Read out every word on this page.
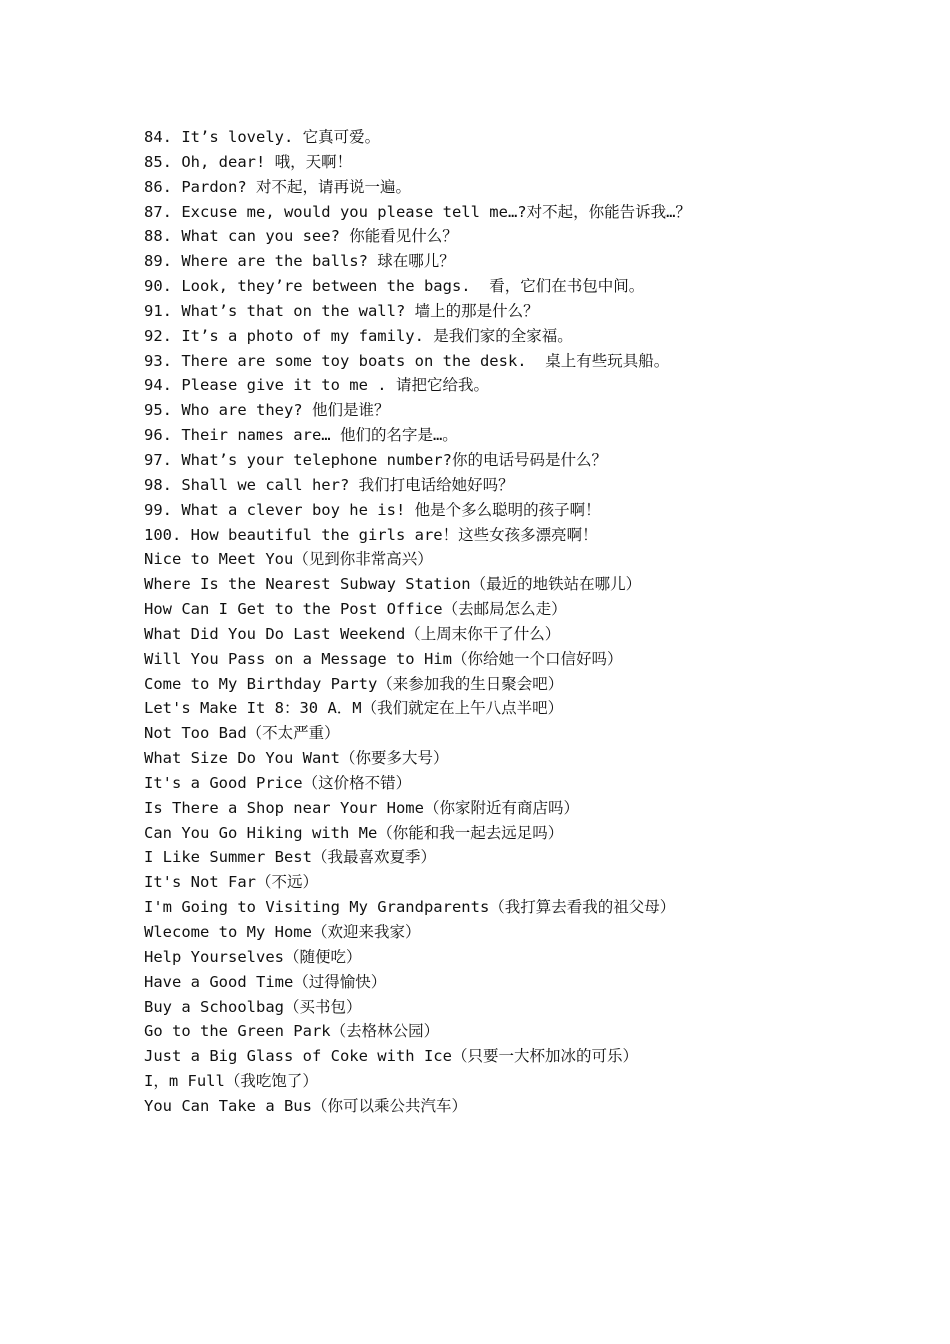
84. It’s lovely. 它真可爱。
85. Oh, dear! 哦，天啊！
86. Pardon? 对不起，请再说一遍。
87. Excuse me, would you please tell me…?对不起，你能告诉我…？
88. What can you see? 你能看见什么？
89. Where are the balls? 球在哪儿？
90. Look, they’re between the bags.  看，它们在书包中间。
91. What’s that on the wall? 墙上的那是什么？
92. It’s a photo of my family. 是我们家的全家福。
93. There are some toy boats on the desk.  桌上有些玩具船。
94. Please give it to me . 请把它给我。
95. Who are they? 他们是谁？
96. Their names are… 他们的名字是…。
97. What’s your telephone number?你的电话号码是什么？
98. Shall we call her? 我们打电话给她好吗？
99. What a clever boy he is! 他是个多么聪明的孩子啊！
100. How beautiful the girls are！这些女孩多漂亮啊！
Nice to Meet You（见到你非常高兴）
Where Is the Nearest Subway Station（最近的地铁站在哪儿）
How Can I Get to the Post Office（去邮局怎么走）
What Did You Do Last Weekend（上周末你干了什么）
Will You Pass on a Message to Him（你给她一个口信好吗）
Come to My Birthday Party（来参加我的生日聚会吧）
Let's Make It 8：30 A．M（我们就定在上午八点半吧）
Not Too Bad（不太严重）
What Size Do You Want（你要多大号）
It's a Good Price（这价格不错）
Is There a Shop near Your Home（你家附近有商店吗）
Can You Go Hiking with Me（你能和我一起去远足吗）
I Like Summer Best（我最喜欢夏季）
It's Not Far（不远）
I'm Going to Visiting My Grandparents（我打算去看我的祖父母）
Wlecome to My Home（欢迎来我家）
Help Yourselves（随便吃）
Have a Good Time（过得愉快）
Buy a Schoolbag（买书包）
Go to the Green Park（去格林公园）
Just a Big Glass of Coke with Ice（只要一大杯加冰的可乐）
I，m Full（我吃饱了）
You Can Take a Bus（你可以乘公共汽车）
